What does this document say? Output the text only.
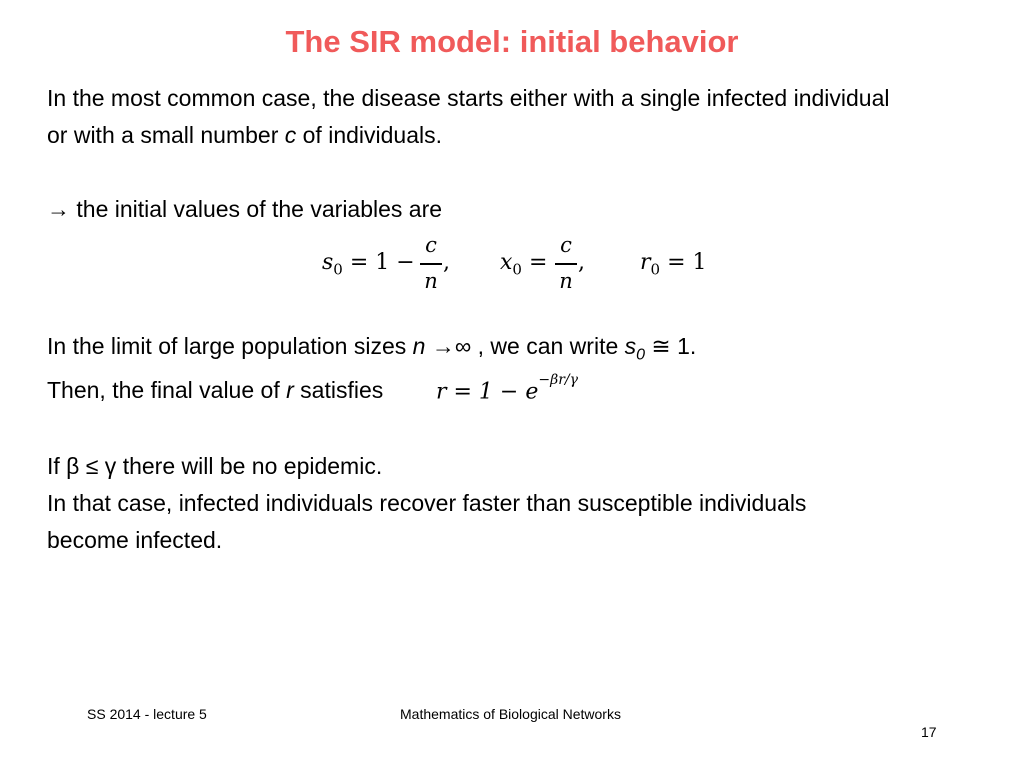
The SIR model: initial behavior
In the most common case, the disease starts either with a single infected individual
or with a small number c of individuals.
→ the initial values of the variables are
$s_0 = 1$ −
c
n
, $x_0$ =
c
n
,	$r_0 = 1$
In the limit of large population sizes n →∞ , we can write $s_0$ ≅ 1.
Then, the final value of r satisfies $r = 1 - e^{-\beta r/\gamma}$
If β ≤ γ there will be no epidemic.
In that case, infected individuals recover faster than susceptible individuals
become infected.
SS 2014 - lecture 5	Mathematics of Biological Networks
17
